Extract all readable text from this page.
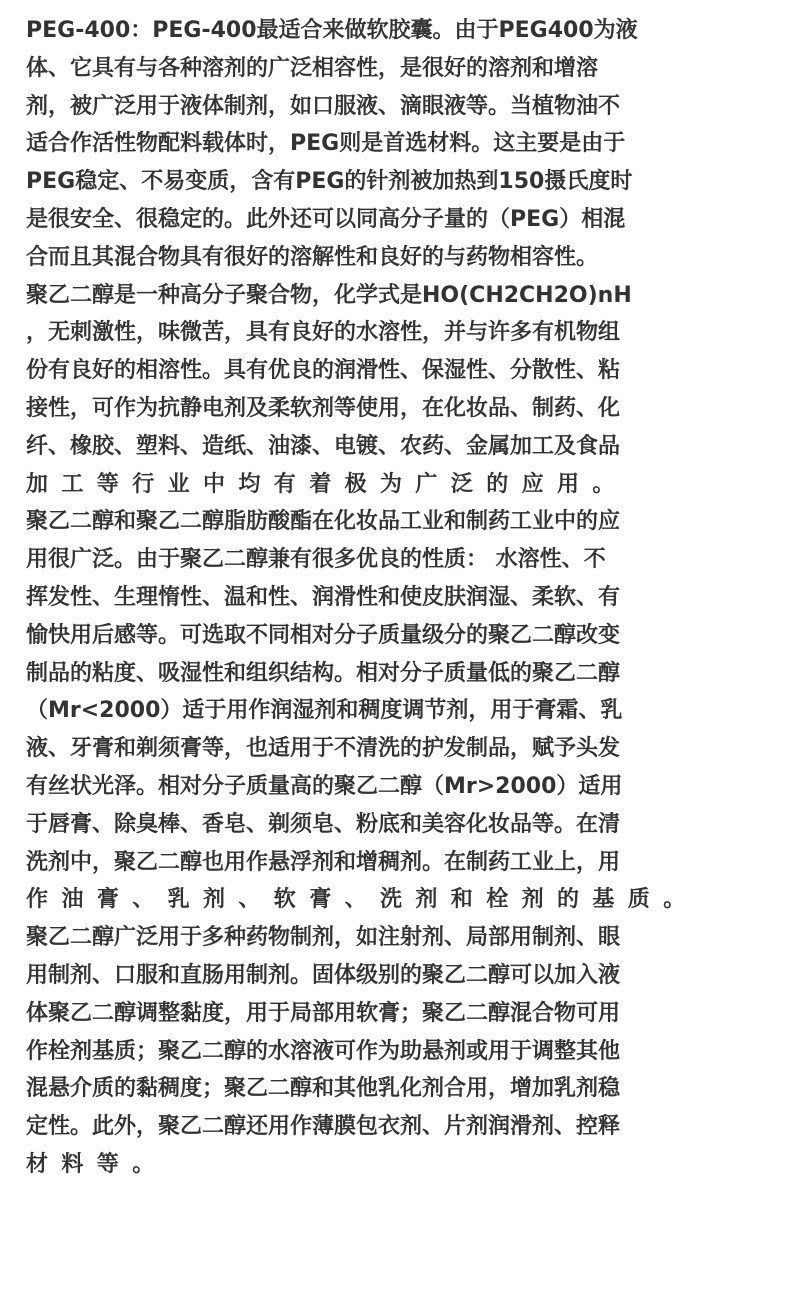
PEG-400：PEG-400最适合来做软胶囊。由于PEG400为液
体、它具有与各种溶剂的广泛相容性，是很好的溶剂和增溶
剂，被广泛用于液体制剂，如口服液、滴眼液等。当植物油不
适合作活性物配料载体时，PEG则是首选材料。这主要是由于
PEG稳定、不易变质，含有PEG的针剂被加热到150摄氏度时
是很安全、很稳定的。此外还可以同高分子量的（PEG）相混
合而且其混合物具有很好的溶解性和良好的与药物相容性。
聚乙二醇是一种高分子聚合物，化学式是HO(CH2CH2O)nH
，无刺激性，味微苦，具有良好的水溶性，并与许多有机物组
份有良好的相溶性。具有优良的润滑性、保湿性、分散性、粘
接性，可作为抗静电剂及柔软剂等使用，在化妆品、制药、化
纤、橡胶、塑料、造纸、油漆、电镀、农药、金属加工及食品
加工等行业中均有着极为广泛的应用。
聚乙二醇和聚乙二醇脂肪酸酯在化妆品工业和制药工业中的应
用很广泛。由于聚乙二醇兼有很多优良的性质： 水溶性、不
挥发性、生理惰性、温和性、润滑性和使皮肤润湿、柔软、有
愉快用后感等。可选取不同相对分子质量级分的聚乙二醇改变
制品的粘度、吸湿性和组织结构。相对分子质量低的聚乙二醇
（Mr<2000）适于用作润湿剂和稠度调节剂，用于膏霜、乳
液、牙膏和剃须膏等，也适用于不清洗的护发制品，赋予头发
有丝状光泽。相对分子质量高的聚乙二醇（Mr>2000）适用
于唇膏、除臭棒、香皂、剃须皂、粉底和美容化妆品等。在清
洗剂中，聚乙二醇也用作悬浮剂和增稠剂。在制药工业上，用
作油膏、乳剂、软膏、洗剂和栓剂的基质。
聚乙二醇广泛用于多种药物制剂，如注射剂、局部用制剂、眼
用制剂、口服和直肠用制剂。固体级别的聚乙二醇可以加入液
体聚乙二醇调整黏度，用于局部用软膏；聚乙二醇混合物可用
作栓剂基质；聚乙二醇的水溶液可作为助悬剂或用于调整其他
混悬介质的黏稠度；聚乙二醇和其他乳化剂合用，增加乳剂稳
定性。此外，聚乙二醇还用作薄膜包衣剂、片剂润滑剂、控释
材料等。
